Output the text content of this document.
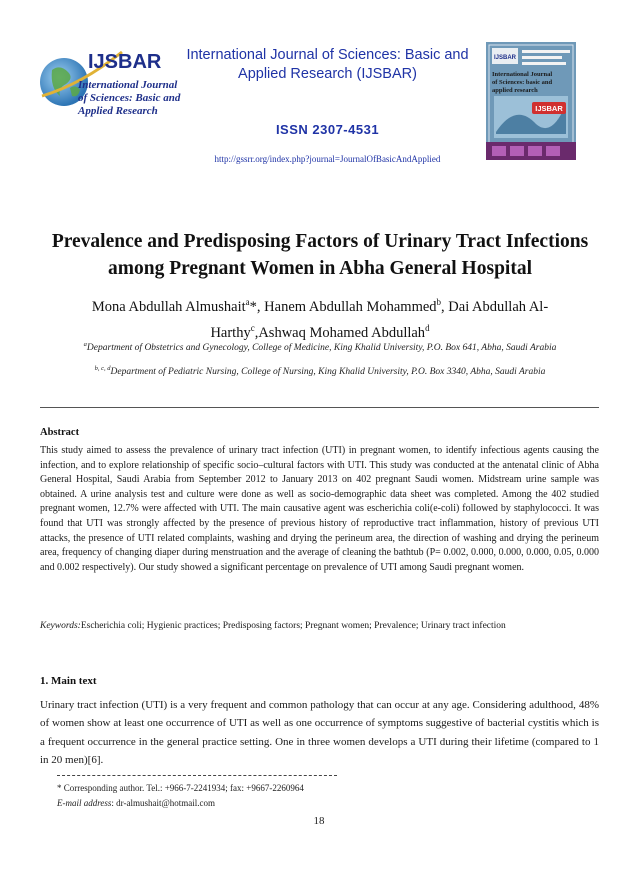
IJSBAR
International Journal
of Sciences: Basic and
Applied Research
International Journal of Sciences: Basic and Applied Research (IJSBAR)
ISSN 2307-4531
http://gssrr.org/index.php?journal=JournalOfBasicAndApplied
IJSBAR
International Journal
of Sciences: basic and
applied research
IJSBAR
Prevalence and Predisposing Factors of Urinary Tract Infections among Pregnant Women in Abha General Hospital
Mona Abdullah Almushait$^a$*, Hanem Abdullah Mohammed$^b$, Dai Abdullah Al-Harthy$^c$,Ashwaq Mohamed Abdullah$^d$
$^a$Department of Obstetrics and Gynecology, College of Medicine, King Khalid University, P.O. Box 641, Abha, Saudi Arabia
$^{b, c, d}$Department of Pediatric Nursing, College of Nursing, King Khalid University, P.O. Box 3340, Abha, Saudi Arabia
Abstract
This study aimed to assess the prevalence of urinary tract infection (UTI) in pregnant women, to identify infectious agents causing the infection, and to explore relationship of specific socio–cultural factors with UTI. This study was conducted at the antenatal clinic of Abha General Hospital, Saudi Arabia from September 2012 to January 2013 on 402 pregnant Saudi women. Midstream urine sample was obtained. A urine analysis test and culture were done as well as socio-demographic data sheet was completed. Among the 402 studied pregnant women, 12.7% were affected with UTI. The main causative agent was escherichia coli(e-coli) followed by staphylococci. It was found that UTI was strongly affected by the presence of previous history of reproductive tract inflammation, history of previous UTI attacks, the presence of UTI related complaints, washing and drying the perineum area, the direction of washing and drying the perineum area, frequency of changing diaper during menstruation and the average of cleaning the bathtub (P= 0.002, 0.000, 0.000, 0.000, 0.05, 0.000 and 0.002 respectively). Our study showed a significant percentage on prevalence of UTI among Saudi pregnant women.
Keywords:Escherichia coli; Hygienic practices; Predisposing factors; Pregnant women; Prevalence; Urinary tract infection
1. Main text
Urinary tract infection (UTI) is a very frequent and common pathology that can occur at any age. Considering adulthood, 48% of women show at least one occurrence of UTI as well as one occurrence of symptoms suggestive of bacterial cystitis which is a frequent occurrence in the general practice setting. One in three women develops a UTI during their lifetime (compared to 1 in 20 men)[6].
* Corresponding author. Tel.: +966-7-2241934; fax: +9667-2260964
E-mail address: dr-almushait@hotmail.com
18
